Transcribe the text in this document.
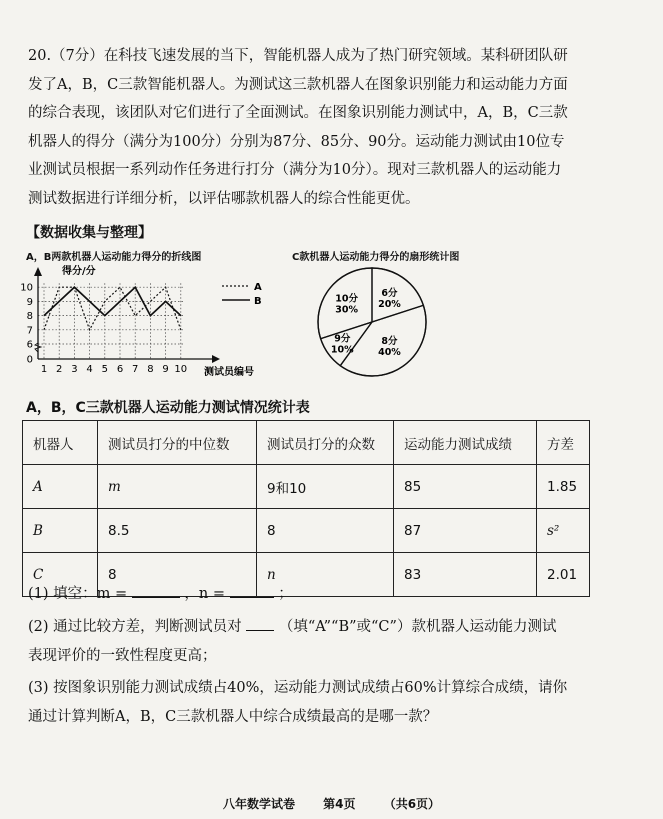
20.（7分）在科技飞速发展的当下，智能机器人成为了热门研究领域。某科研团队研

发了A，B，C三款智能机器人。为测试这三款机器人在图象识别能力和运动能力方面

的综合表现，该团队对它们进行了全面测试。在图象识别能力测试中，A，B，C三款

机器人的得分（满分为100分）分别为87分、85分、90分。运动能力测试由10位专

业测试员根据一系列动作任务进行打分（满分为10分）。现对三款机器人的运动能力

测试数据进行详细分析，以评估哪款机器人的综合性能更优。

【数据收集与整理】
A，B两款机器人运动能力得分的折线图
得分/分
0
6
7
8
9
10
1 2 3 4 5 6 7 8 9 10 测试员编号
A
B
C款机器人运动能力得分的扇形统计图
6分
20%
8分
40%
9分
10%
10分
30%
A，B，C三款机器人运动能力测试情况统计表
机器人	测试员打分的中位数	测试员打分的众数	运动能力测试成绩	方差
A	m	9和10	85	1.85
B	8.5	8	87	s²
C	8	n	83	2.01
(1) 填空：m =	，n =	；
(2) 通过比较方差，判断测试员对	（填“A”“B”或“C”）款机器人运动能力测试
表现评价的一致性程度更高；
(3) 按图象识别能力测试成绩占40%，运动能力测试成绩占60%计算综合成绩，请你
通过计算判断A，B，C三款机器人中综合成绩最高的是哪一款？
八年数学试卷 第4页 （共6页）
